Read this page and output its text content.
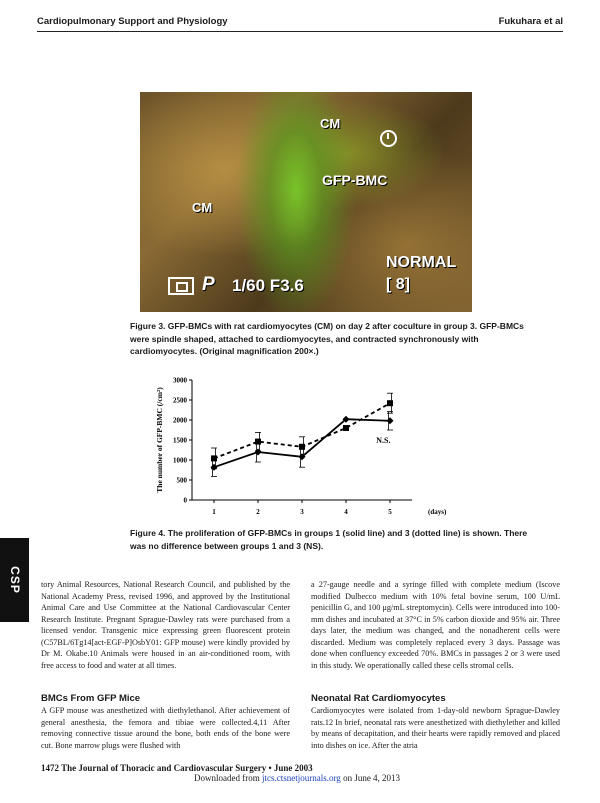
Cardiopulmonary Support and Physiology	Fukuhara et al
CM
GFP-BMC
CM
P 1/60 F3.6
NORMAL
[ 8]
Figure 3. GFP-BMCs with rat cardiomyocytes (CM) on day 2 after coculture in group 3. GFP-BMCs were spindle shaped, attached to cardiomyocytes, and contracted synchronously with cardiomyocytes. (Original magnification 200×.)
0
500
1000
1500
2000
2500
3000
1	2	3	4	5	(days)
The number of GFP-BMC (/cm²)	N.S.
Figure 4. The proliferation of GFP-BMCs in groups 1 (solid line) and 3 (dotted line) is shown. There was no difference between groups 1 and 3 (NS).
CSP tory Animal Resources, National Research Council, and published by the National Academy Press, revised 1996, and approved by the Institutional Animal Care and Use Committee at the National Cardiovascular Center Research Institute. Pregnant Sprague-Dawley rats were purchased from a licensed vendor. Transgenic mice expressing green fluorescent protein (C57BL/6Tg14[act-EGF-P]OsbY01: GFP mouse) were kindly provided by Dr M. Okabe.10 Animals were housed in an air-conditioned room, with free access to food and water at all times.

a 27-gauge needle and a syringe filled with complete medium (Iscove modified Dulbecco medium with 10% fetal bovine serum, 100 U/mL penicillin G, and 100 μg/mL streptomycin). Cells were introduced into 100-mm dishes and incubated at 37°C in 5% carbon dioxide and 95% air. Three days later, the medium was changed, and the nonadherent cells were discarded. Medium was completely replaced every 3 days. Passage was done when confluency exceeded 70%. BMCs in passages 2 or 3 were used in this study. We operationally called these cells stromal cells.

BMCs From GFP Mice	Neonatal Rat Cardiomyocytes
A GFP mouse was anesthetized with diethylethanol. After achievement of general anesthesia, the femora and tibiae were collected.4,11 After removing connective tissue around the bone, both ends of the bone were cut. Bone marrow plugs were flushed with
Cardiomyocytes were isolated from 1-day-old newborn Sprague-Dawley rats.12 In brief, neonatal rats were anesthetized with diethylether and killed by means of decapitation, and their hearts were rapidly removed and placed into dishes on ice. After the atria
1472 The Journal of Thoracic and Cardiovascular Surgery • June 2003
Downloaded from jtcs.ctsnetjournals.org on June 4, 2013
